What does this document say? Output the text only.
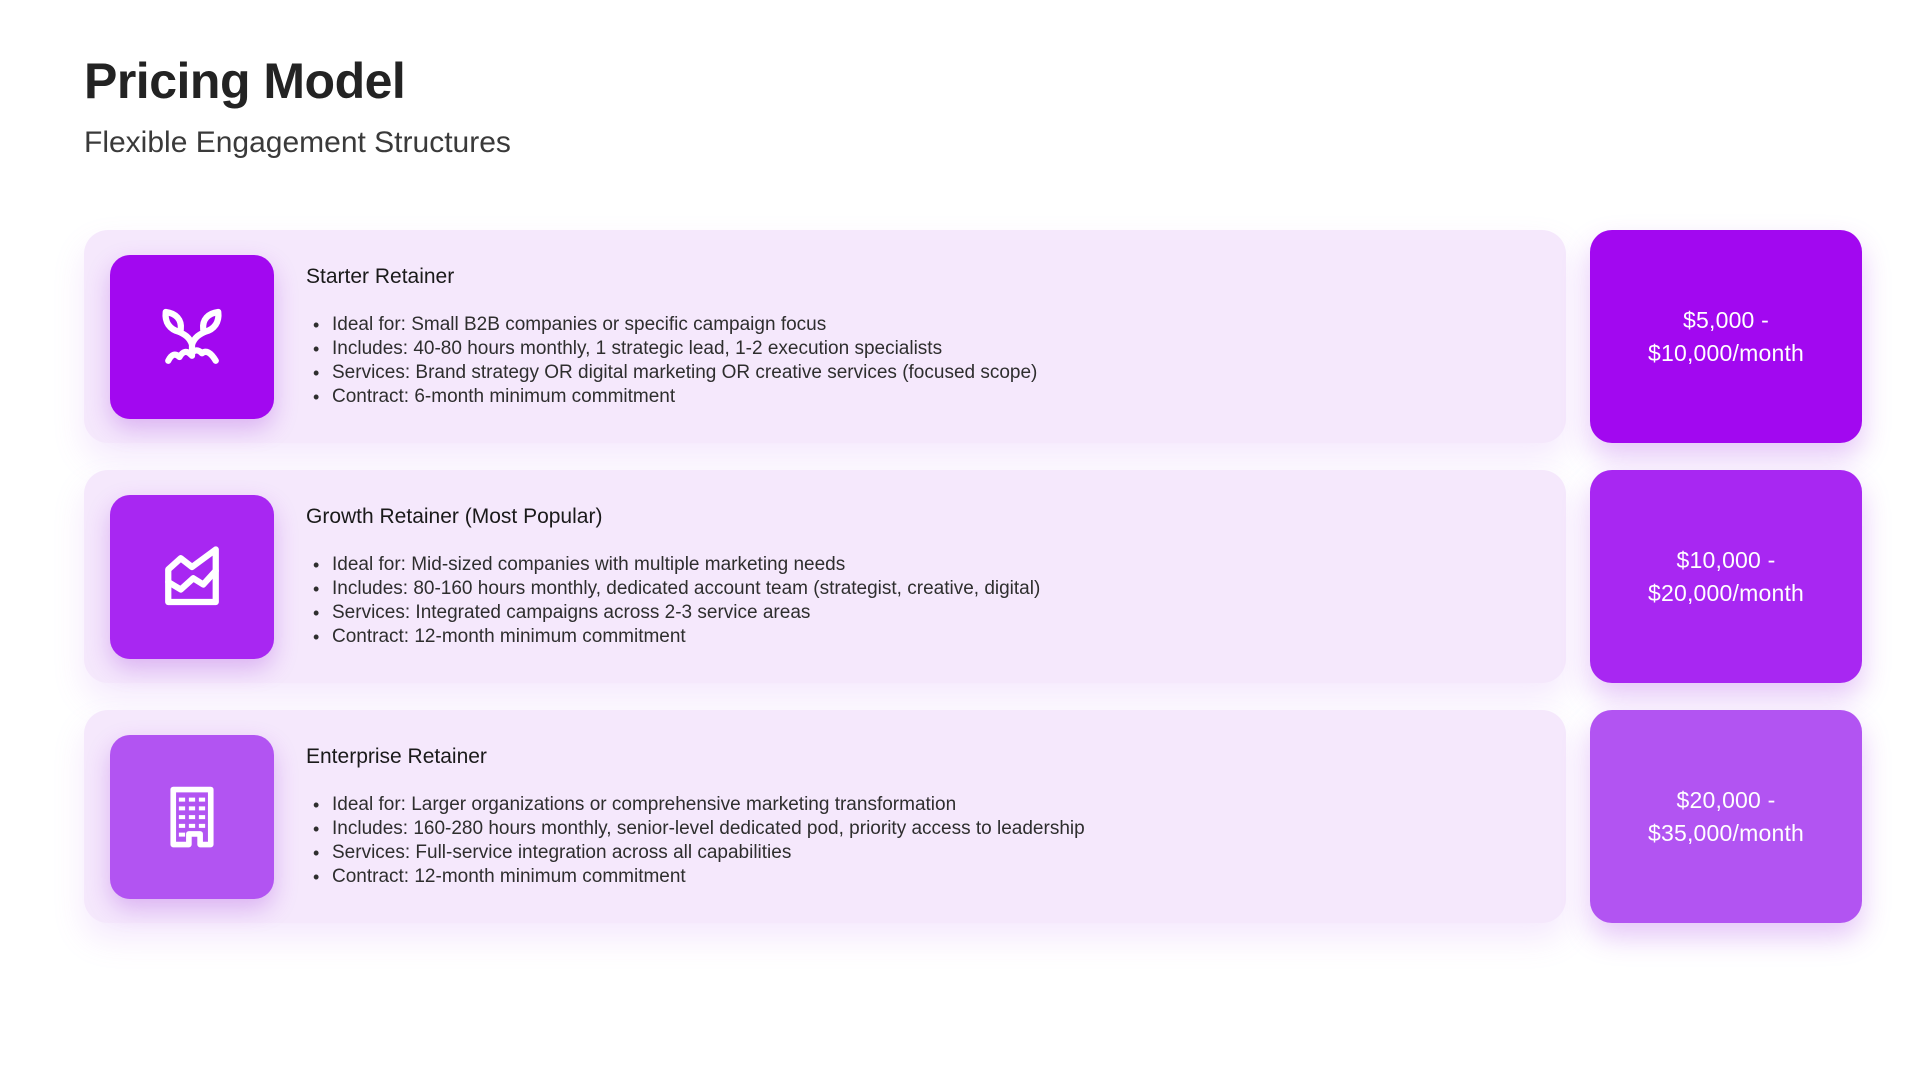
Pricing Model
Flexible Engagement Structures
Starter Retainer
• Ideal for: Small B2B companies or specific campaign focus
• Includes: 40-80 hours monthly, 1 strategic lead, 1-2 execution specialists
• Services: Brand strategy OR digital marketing OR creative services (focused scope)
• Contract: 6-month minimum commitment
$5,000 -
$10,000/month
Growth Retainer (Most Popular)
• Ideal for: Mid-sized companies with multiple marketing needs
• Includes: 80-160 hours monthly, dedicated account team (strategist, creative, digital)
• Services: Integrated campaigns across 2-3 service areas
• Contract: 12-month minimum commitment
$10,000 -
$20,000/month
Enterprise Retainer
• Ideal for: Larger organizations or comprehensive marketing transformation
• Includes: 160-280 hours monthly, senior-level dedicated pod, priority access to leadership
• Services: Full-service integration across all capabilities
• Contract: 12-month minimum commitment
$20,000 -
$35,000/month
